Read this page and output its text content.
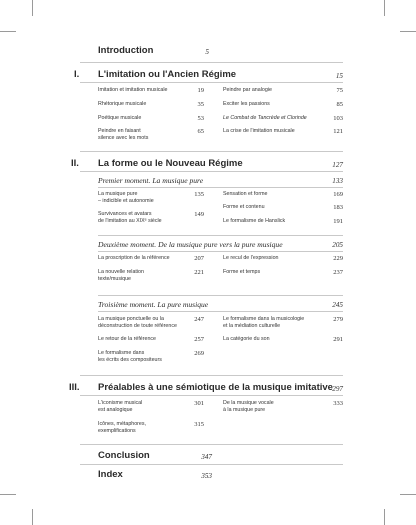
Introduction	5
I. L'imitation ou l'Ancien Régime	15
Imitation et imitation musicale	19
Rhétorique musicale	35
Poétique musicale	53
Peindre en faisant
silence avec les mots
65
Peindre par analogie	75
Exciter les passions	85
Le Combat de Tancrède et Clorinde	103
La crise de l'imitation musicale	121
II. La forme ou le Nouveau Régime	127
Premier moment. La musique pure	133
La musique pure
– indicible et autonomie
135
Survivances et avatars
de l'imitation au XIXᵉ siècle
149
Sensation et forme	169
Forme et contenu	183
Le formalisme de Hanslick	191
Deuxième moment. De la musique pure vers la pure musique	205
La proscription de la référence	207
La nouvelle relation
texte/musique
221
Le recul de l'expression	229
Forme et temps	237
Troisième moment. La pure musique	245
La musique ponctuelle ou la
déconstruction de toute référence
247
Le retour de la référence	257
Le formalisme dans
les écrits des compositeurs
269
Le formalisme dans la musicologie
et la médiation culturelle
279
La catégorie du son	291
III. Préalables à une sémiotique de la musique imitative 297
L'iconisme musical
est analogique
301
Icônes, métaphores,
exemplifications
315
De la musique vocale
à la musique pure
333
Conclusion	347
Index	353
